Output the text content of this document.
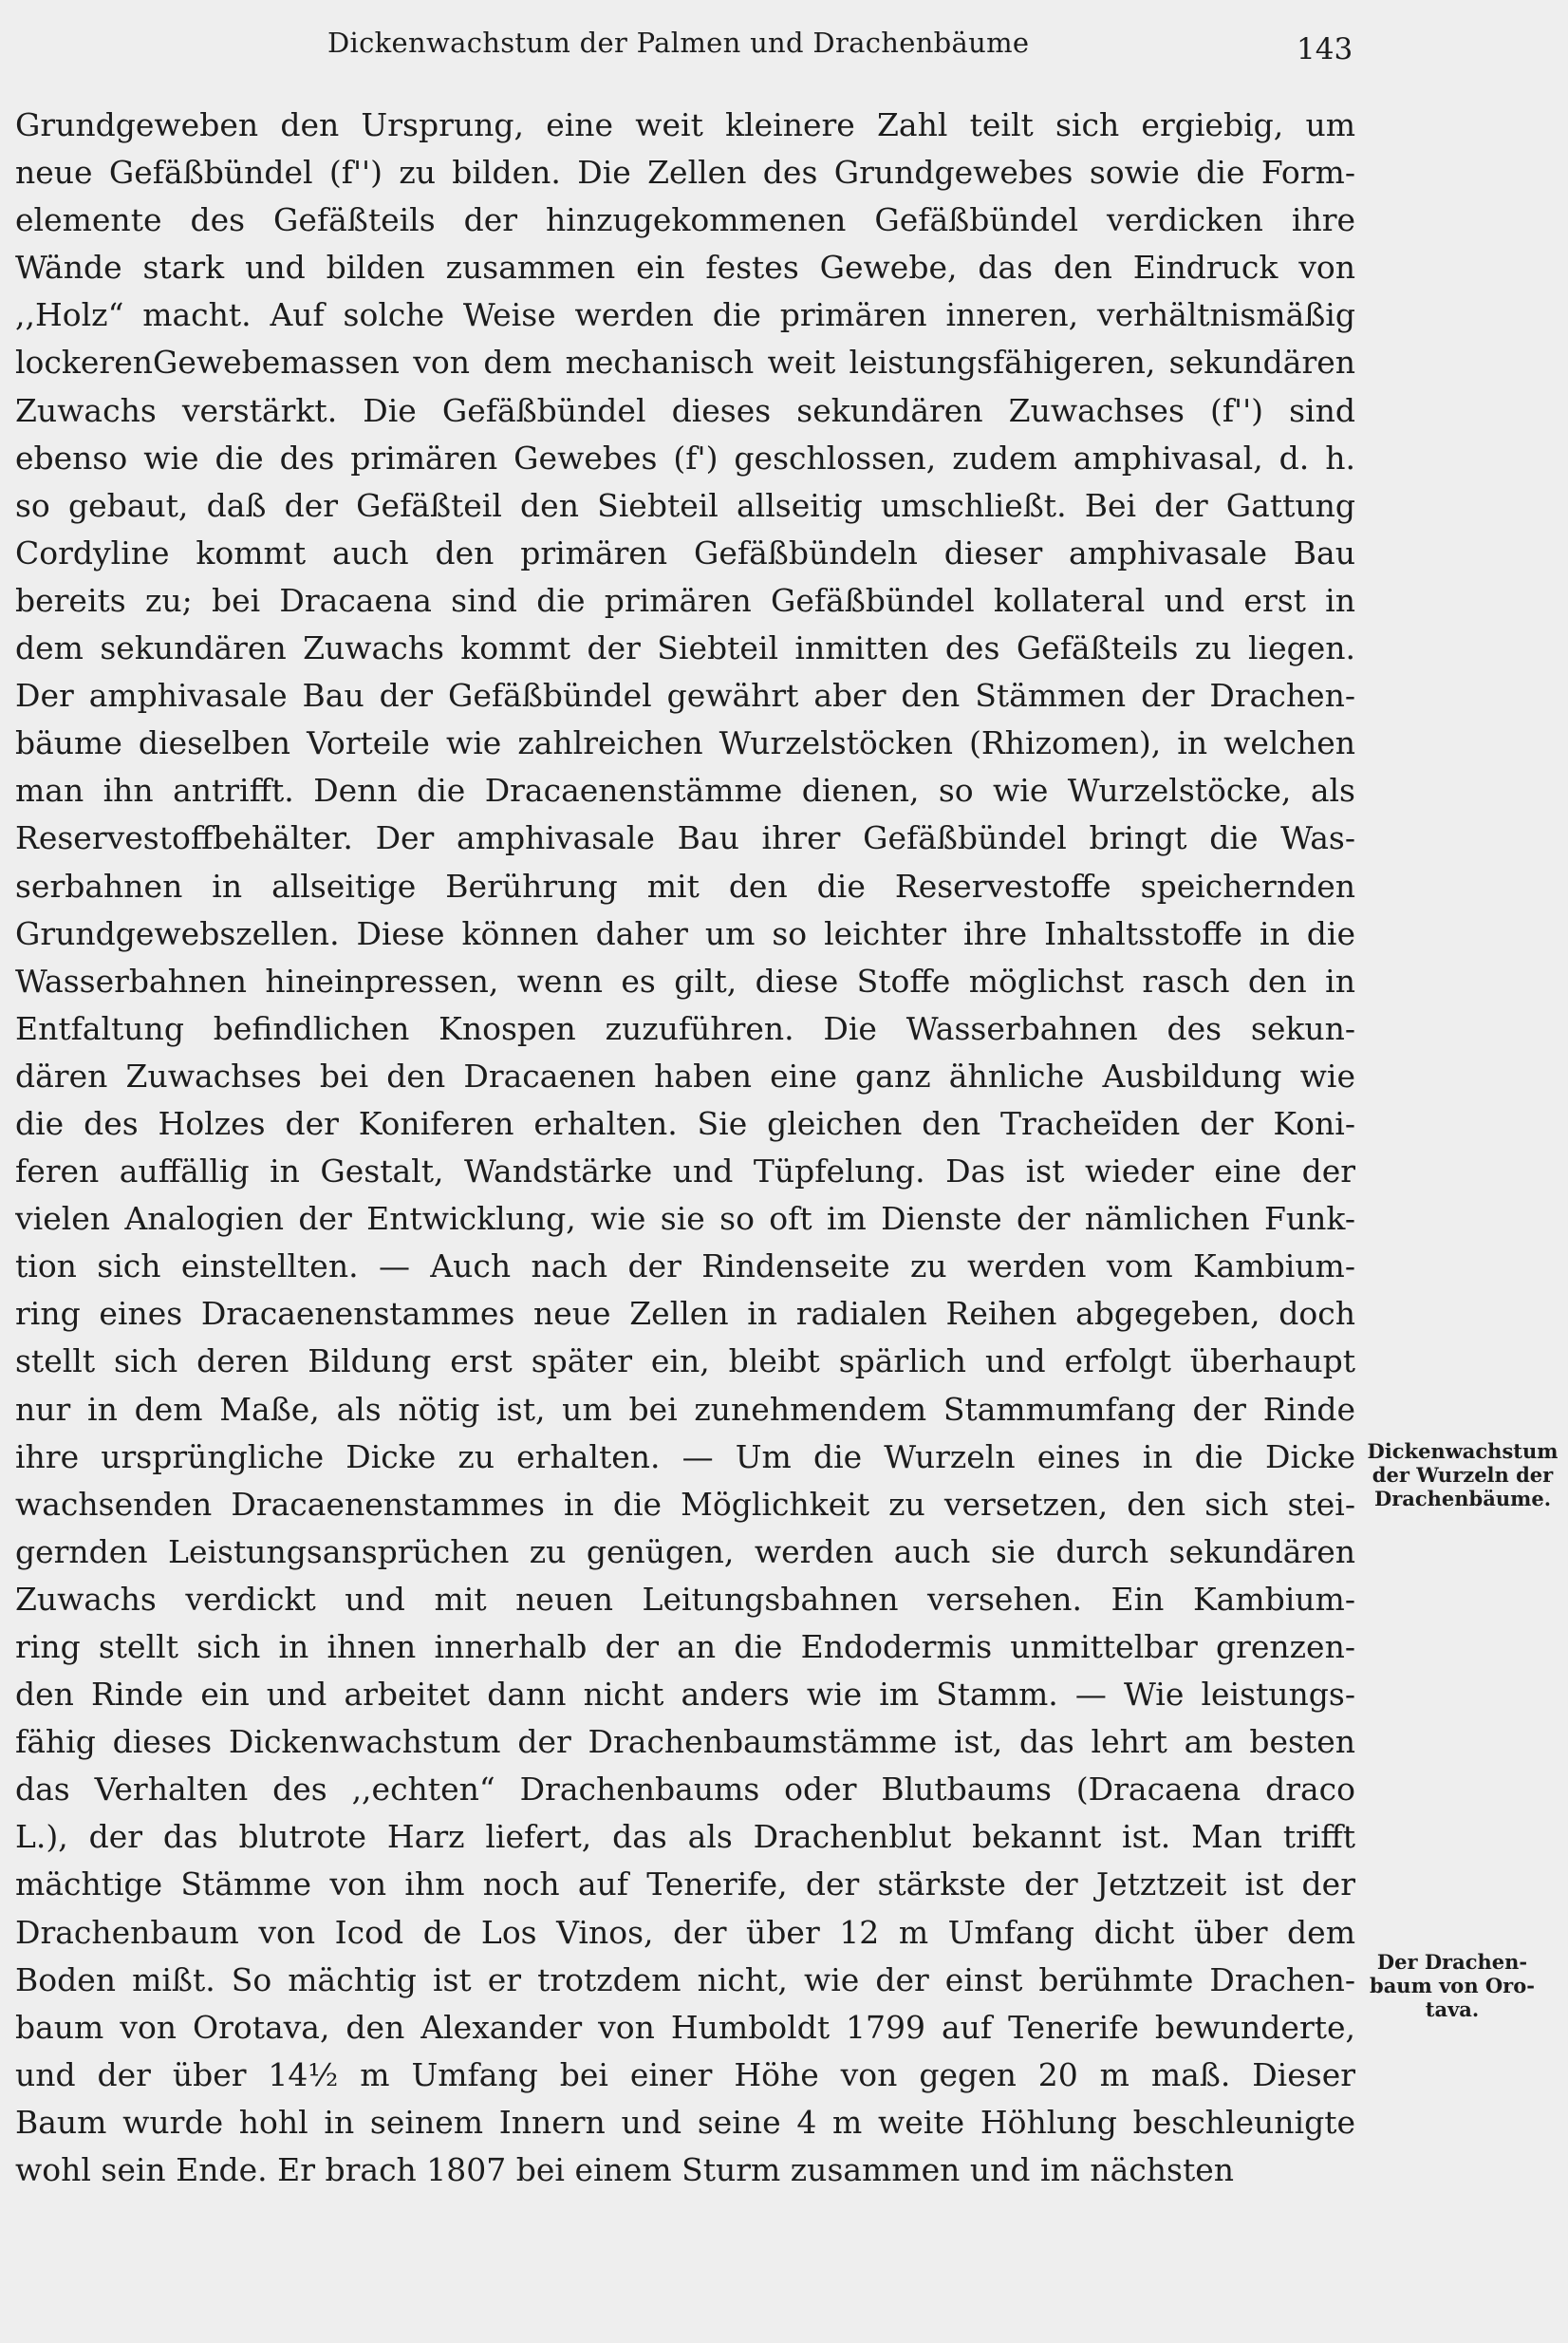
Dickenwachstum der Palmen und Drachenbäume	143
Grundgeweben den Ursprung, eine weit kleinere Zahl teilt sich ergiebig, um
neue Gefäßbündel (f'') zu bilden. Die Zellen des Grundgewebes sowie die Form-
elemente des Gefäßteils der hinzugekommenen Gefäßbündel verdicken ihre
Wände stark und bilden zusammen ein festes Gewebe, das den Eindruck von
,,Holz“ macht. Auf solche Weise werden die primären inneren, verhältnismäßig
lockerenGewebemassen von dem mechanisch weit leistungsfähigeren, sekundären
Zuwachs verstärkt. Die Gefäßbündel dieses sekundären Zuwachses (f'') sind
ebenso wie die des primären Gewebes (f') geschlossen, zudem amphivasal, d. h.
so gebaut, daß der Gefäßteil den Siebteil allseitig umschließt. Bei der Gattung
Cordyline kommt auch den primären Gefäßbündeln dieser amphivasale Bau
bereits zu; bei Dracaena sind die primären Gefäßbündel kollateral und erst in
dem sekundären Zuwachs kommt der Siebteil inmitten des Gefäßteils zu liegen.
Der amphivasale Bau der Gefäßbündel gewährt aber den Stämmen der Drachen-
bäume dieselben Vorteile wie zahlreichen Wurzelstöcken (Rhizomen), in welchen
man ihn antrifft. Denn die Dracaenenstämme dienen, so wie Wurzelstöcke, als
Reservestoffbehälter. Der amphivasale Bau ihrer Gefäßbündel bringt die Was-
serbahnen in allseitige Berührung mit den die Reservestoffe speichernden
Grundgewebszellen. Diese können daher um so leichter ihre Inhaltsstoffe in die
Wasserbahnen hineinpressen, wenn es gilt, diese Stoffe möglichst rasch den in
Entfaltung befindlichen Knospen zuzuführen. Die Wasserbahnen des sekun-
dären Zuwachses bei den Dracaenen haben eine ganz ähnliche Ausbildung wie
die des Holzes der Koniferen erhalten. Sie gleichen den Tracheïden der Koni-
feren auffällig in Gestalt, Wandstärke und Tüpfelung. Das ist wieder eine der
vielen Analogien der Entwicklung, wie sie so oft im Dienste der nämlichen Funk-
tion sich einstellten. — Auch nach der Rindenseite zu werden vom Kambium-
ring eines Dracaenenstammes neue Zellen in radialen Reihen abgegeben, doch
stellt sich deren Bildung erst später ein, bleibt spärlich und erfolgt überhaupt
nur in dem Maße, als nötig ist, um bei zunehmendem Stammumfang der Rinde
ihre ursprüngliche Dicke zu erhalten. — Um die Wurzeln eines in die Dicke
wachsenden Dracaenenstammes in die Möglichkeit zu versetzen, den sich stei-
gernden Leistungsansprüchen zu genügen, werden auch sie durch sekundären
Zuwachs verdickt und mit neuen Leitungsbahnen versehen. Ein Kambium-
ring stellt sich in ihnen innerhalb der an die Endodermis unmittelbar grenzen-
den Rinde ein und arbeitet dann nicht anders wie im Stamm. — Wie leistungs-
fähig dieses Dickenwachstum der Drachenbaumstämme ist, das lehrt am besten
das Verhalten des ,,echten“ Drachenbaums oder Blutbaums (Dracaena draco
L.), der das blutrote Harz liefert, das als Drachenblut bekannt ist. Man trifft
mächtige Stämme von ihm noch auf Tenerife, der stärkste der Jetztzeit ist der
Drachenbaum von Icod de Los Vinos, der über 12 m Umfang dicht über dem
Boden mißt. So mächtig ist er trotzdem nicht, wie der einst berühmte Drachen-
baum von Orotava, den Alexander von Humboldt 1799 auf Tenerife bewunderte,
und der über 14½ m Umfang bei einer Höhe von gegen 20 m maß. Dieser
Baum wurde hohl in seinem Innern und seine 4 m weite Höhlung beschleunigte
wohl sein Ende. Er brach 1807 bei einem Sturm zusammen und im nächsten
Dickenwachstum
der Wurzeln der
Drachenbäume.
Der Drachen-
baum von Oro-
tava.
